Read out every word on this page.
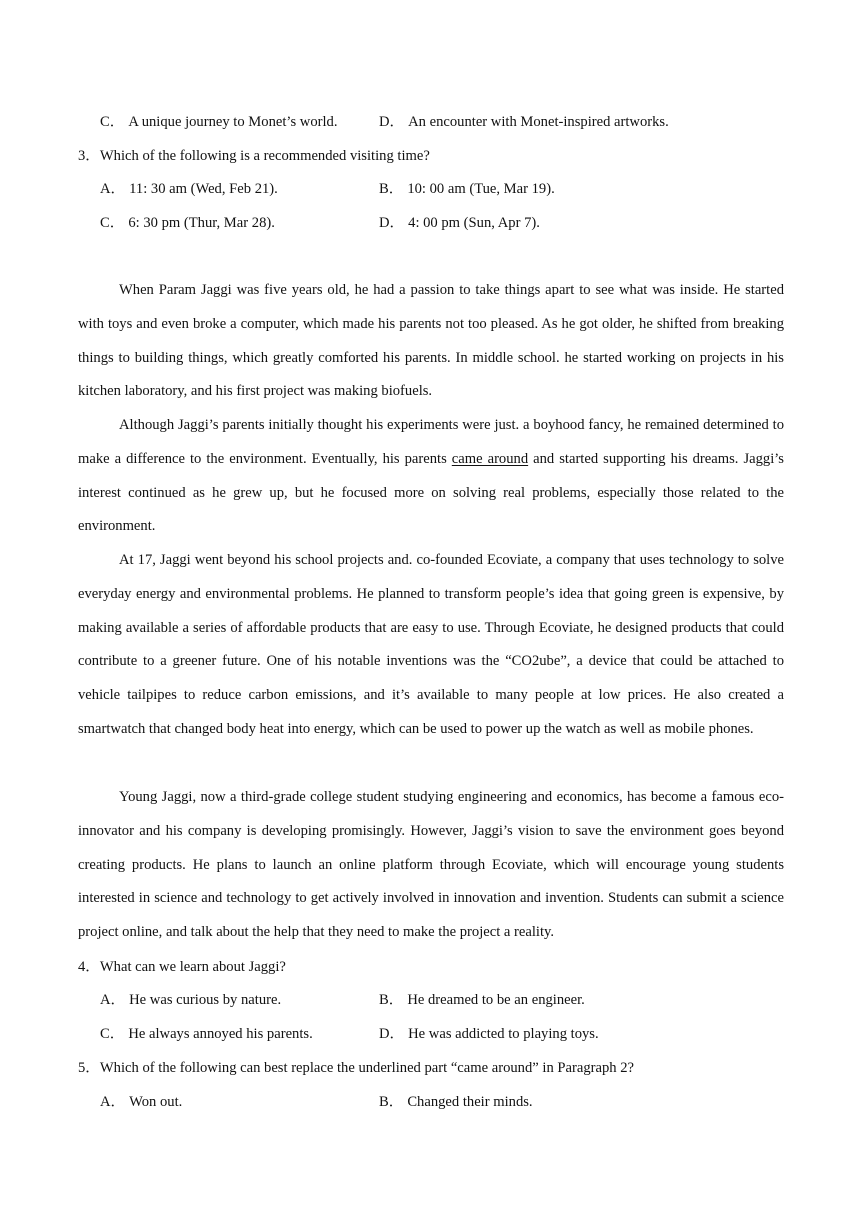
C． A unique journey to Monet’s world.	D． An encounter with Monet-inspired artworks.
3．Which of the following is a recommended visiting time?
A． 11: 30 am (Wed, Feb 21).	B． 10: 00 am (Tue, Mar 19).
C． 6: 30 pm (Thur, Mar 28).	D． 4: 00 pm (Sun, Apr 7).

When Param Jaggi was five years old, he had a passion to take things apart to see what was inside. He started with toys and even broke a computer, which made his parents not too pleased. As he got older, he shifted from breaking things to building things, which greatly comforted his parents. In middle school. he started working on projects in his kitchen laboratory, and his first project was making biofuels.

Although Jaggi’s parents initially thought his experiments were just. a boyhood fancy, he remained determined to make a difference to the environment. Eventually, his parents came around and started supporting his dreams. Jaggi’s interest continued as he grew up, but he focused more on solving real problems, especially those related to the environment.

At 17, Jaggi went beyond his school projects and. co-founded Ecoviate, a company that uses technology to solve everyday energy and environmental problems. He planned to transform people’s idea that going green is expensive, by making available a series of affordable products that are easy to use. Through Ecoviate, he designed products that could contribute to a greener future. One of his notable inventions was the “CO2ube”, a device that could be attached to vehicle tailpipes to reduce carbon emissions, and it’s available to many people at low prices. He also created a smartwatch that changed body heat into energy, which can be used to power up the watch as well as mobile phones.

Young Jaggi, now a third-grade college student studying engineering and economics, has become a famous eco-innovator and his company is developing promisingly. However, Jaggi’s vision to save the environment goes beyond creating products. He plans to launch an online platform through Ecoviate, which will encourage young students interested in science and technology to get actively involved in innovation and invention. Students can submit a science project online, and talk about the help that they need to make the project a reality.

4．What can we learn about Jaggi?
A． He was curious by nature.	B． He dreamed to be an engineer.
C． He always annoyed his parents.	D． He was addicted to playing toys.
5．Which of the following can best replace the underlined part “came around” in Paragraph 2?
A． Won out.	B． Changed their minds.
